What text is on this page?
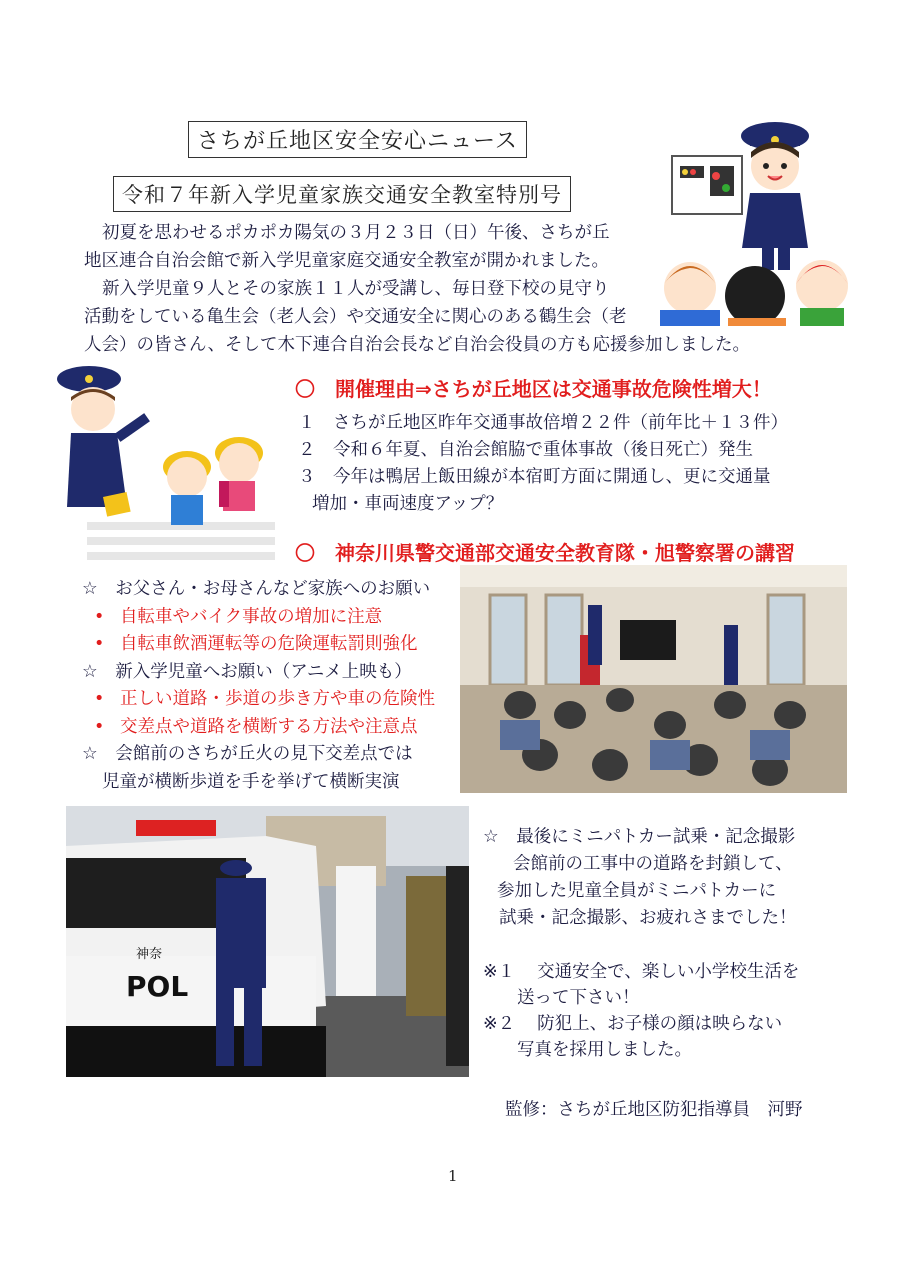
さちが丘地区安全安心ニュース
令和７年新入学児童家族交通安全教室特別号
初夏を思わせるポカポカ陽気の３月２３日（日）午後、さちが丘
地区連合自治会館で新入学児童家庭交通安全教室が開かれました。
新入学児童９人とその家族１１人が受講し、毎日登下校の見守り
活動をしている亀生会（老人会）や交通安全に関心のある鶴生会（老
人会）の皆さん、そして木下連合自治会長など自治会役員の方も応援参加しました。
〇　開催理由⇒さちが丘地区は交通事故危険性増大！
１　さちが丘地区昨年交通事故倍増２２件（前年比＋１３件）
２　令和６年夏、自治会館脇で重体事故（後日死亡）発生
３　今年は鴨居上飯田線が本宿町方面に開通し、更に交通量
増加・車両速度アップ？
〇　神奈川県警交通部交通安全教育隊・旭警察署の講習
☆　お父さん・お母さんなど家族へのお願い
• 自転車やバイク事故の増加に注意
• 自転車飲酒運転等の危険運転罰則強化
☆　新入学児童へお願い（アニメ上映も）
• 正しい道路・歩道の歩き方や車の危険性
• 交差点や道路を横断する方法や注意点
☆　会館前のさちが丘火の見下交差点では
児童が横断歩道を手を挙げて横断実演
POL
神奈
☆　最後にミニパトカー試乗・記念撮影
会館前の工事中の道路を封鎖して、
参加した児童全員がミニパトカーに
試乗・記念撮影、お疲れさまでした！
※１ 交通安全で、楽しい小学校生活を
送って下さい！
※２ 防犯上、お子様の顔は映らない
写真を採用しました。
監修：さちが丘地区防犯指導員　河野
1
